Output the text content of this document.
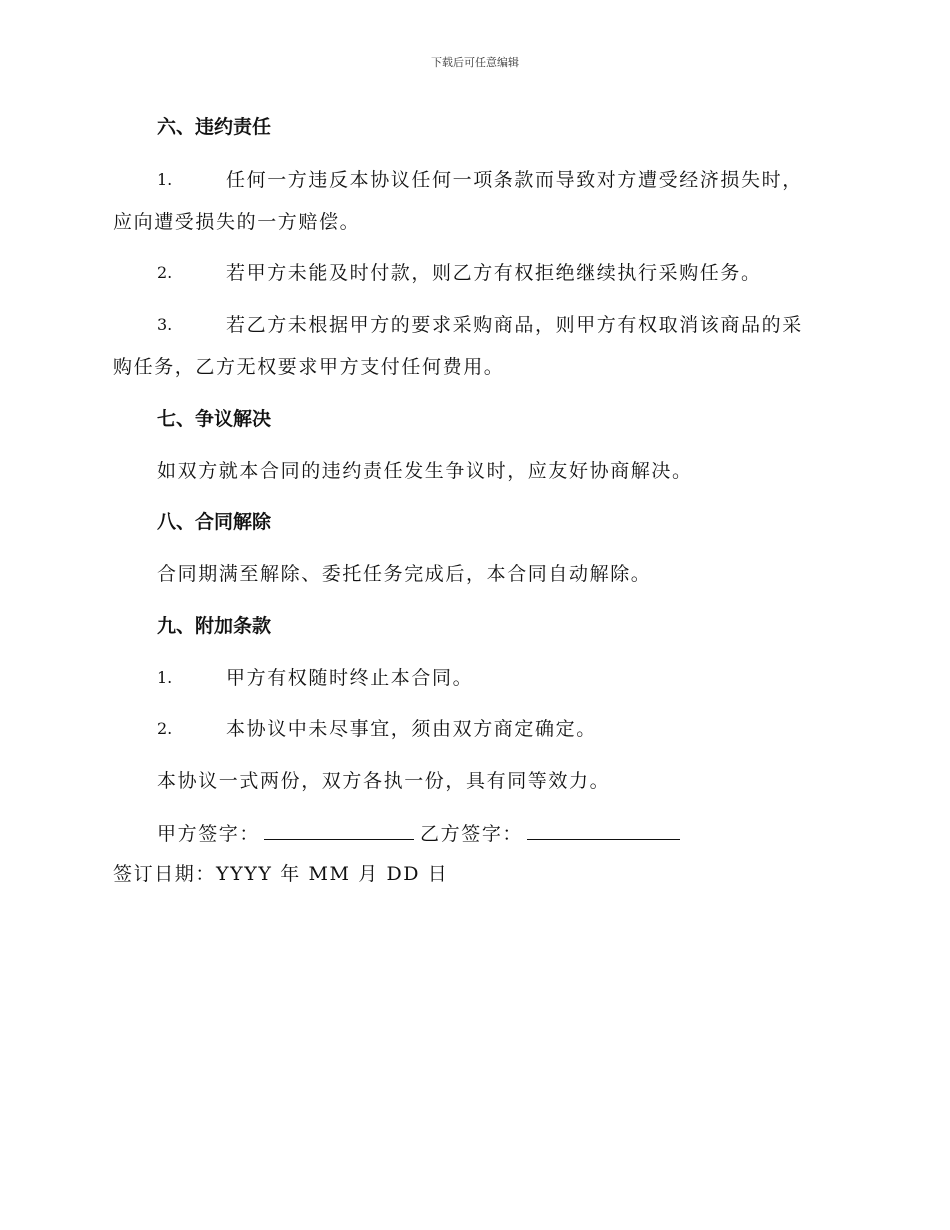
下载后可任意编辑
六、违约责任
1.	任何一方违反本协议任何一项条款而导致对方遭受经济损失时，
应向遭受损失的一方赔偿。
2.	若甲方未能及时付款，则乙方有权拒绝继续执行采购任务。
3.	若乙方未根据甲方的要求采购商品，则甲方有权取消该商品的采
购任务，乙方无权要求甲方支付任何费用。
七、争议解决
如双方就本合同的违约责任发生争议时，应友好协商解决。
八、合同解除
合同期满至解除、委托任务完成后，本合同自动解除。
九、附加条款
1.	甲方有权随时终止本合同。
2.	本协议中未尽事宜，须由双方商定确定。
本协议一式两份，双方各执一份，具有同等效力。
甲方签字：	乙方签字：
签订日期：YYYY 年 MM 月 DD 日
